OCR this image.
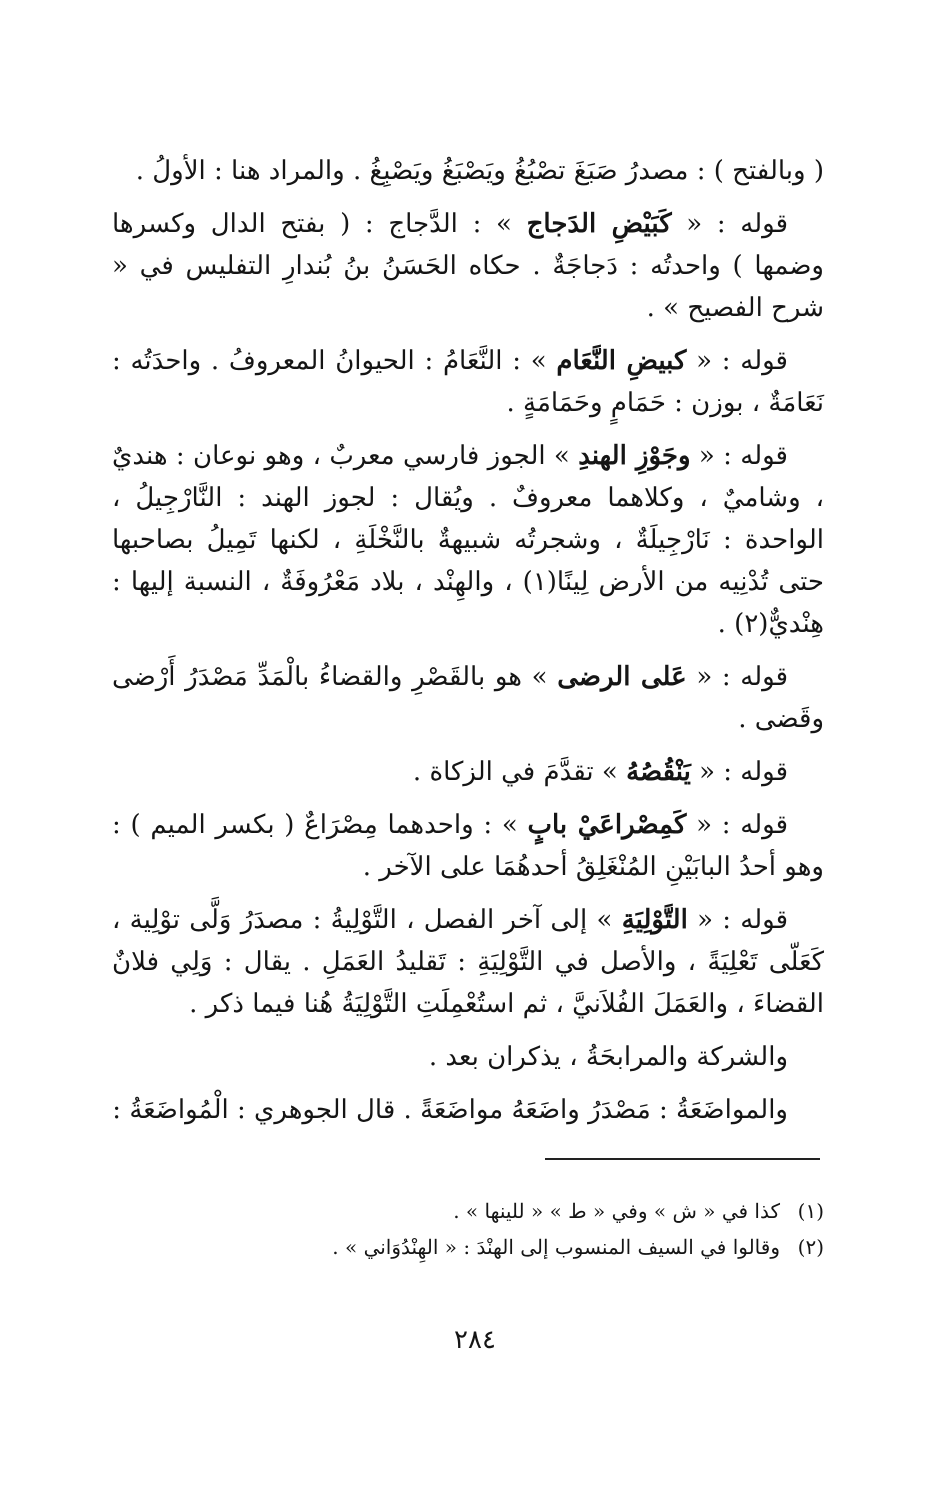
( وبالفتح ) : مصدرُ صَبَغَ تصْبُغُ ويَصْبَغُ ويَصْبِغُ . والمراد هنا : الأولُ .

قوله : « كَبَيْضِ الدَجاج » : الدَّجاج : ( بفتح الدال وكسرها وضمها ) واحدتُه : دَجاجَةٌ . حكاه الحَسَنُ بنُ بُندارِ التفليس في « شرح الفصيح » .

قوله : « كبيضِ النَّعَام » : النَّعَامُ : الحيوانُ المعروفُ . واحدَتُه : نَعَامَةٌ ، بوزن : حَمَامٍ وحَمَامَةٍ .

قوله : « وجَوْزِ الهندِ » الجوز فارسي معربٌ ، وهو نوعان : هنديٌ ، وشاميٌ ، وكلاهما معروفٌ . ويُقال : لجوز الهند : النَّارْجِيلُ ، الواحدة : نَارْجِيلَةٌ ، وشجرتُه شبيهةٌ بالنَّخْلَةِ ، لكنها تَمِيلُ بصاحبها حتى تُدْنِيه من الأرض لِينًا(١) ، والهِنْد ، بلاد مَعْرُوفَةٌ ، النسبة إليها : هِنْديٌّ(٢) .

قوله : « عَلى الرضى » هو بالقَصْرِ والقضاءُ بالْمَدِّ مَصْدَرُ أَرْضى وقَضى .

قوله : « يَنْقُصُهُ » تقدَّمَ في الزكاة .

قوله : « كَمِصْراعَيْ بابٍ » : واحدهما مِصْرَاعٌ ( بكسر الميم ) : وهو أحدُ البابَيْنِ المُنْغَلِقُ أحدهُمَا على الآخر .

قوله : « التَّوْلِيَةِ » إلى آخر الفصل ، التَّوْلِيةُ : مصدَرُ وَلَّى توْلِية ، كَعَلّى تَعْلِيَةً ، والأصل في التَّوْلِيَةِ : تَقليدُ العَمَلِ . يقال : وَلِي فلانٌ القضاءَ ، والعَمَلَ الفُلاَنيَّ ، ثم استُعْمِلَتِ التَّوْلِيَةُ هُنا فيما ذكر .

والشركة والمرابحَةُ ، يذكران بعد .

والمواضَعَةُ : مَصْدَرُ واضَعَهُ مواضَعَةً . قال الجوهري : الْمُواضَعَةُ :

(١)كذا في « ش » وفي « ط » « للينها » .

(٢)وقالوا في السيف المنسوب إلى الهنْدَ : « الهِنْدُوَاني » .

٢٨٤
